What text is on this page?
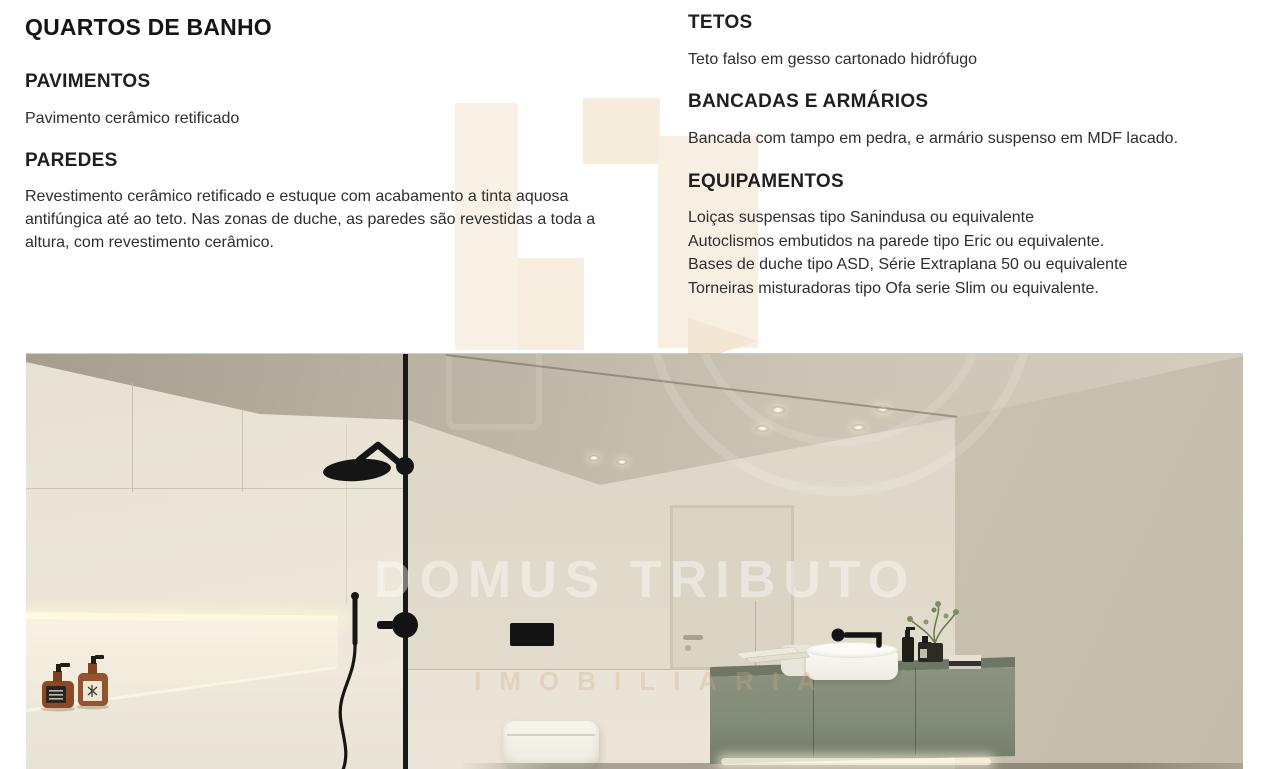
QUARTOS DE BANHO
PAVIMENTOS
Pavimento cerâmico retificado
PAREDES
Revestimento cerâmico retificado e estuque com acabamento a tinta aquosa antifúngica até ao teto. Nas zonas de duche, as paredes são revestidas a toda a altura, com revestimento cerâmico.
TETOS
Teto falso em gesso cartonado hidrófugo
BANCADAS E ARMÁRIOS
Bancada com tampo em pedra, e armário suspenso em MDF lacado.
EQUIPAMENTOS
Loiças suspensas tipo Sanindusa ou equivalente
Autoclismos embutidos na parede tipo Eric ou equivalente.
Bases de duche tipo ASD, Série Extraplana 50 ou equivalente
Torneiras misturadoras tipo Ofa serie Slim ou equivalente.
DOMUS TRIBUTO
IMOBILIÁRIA
